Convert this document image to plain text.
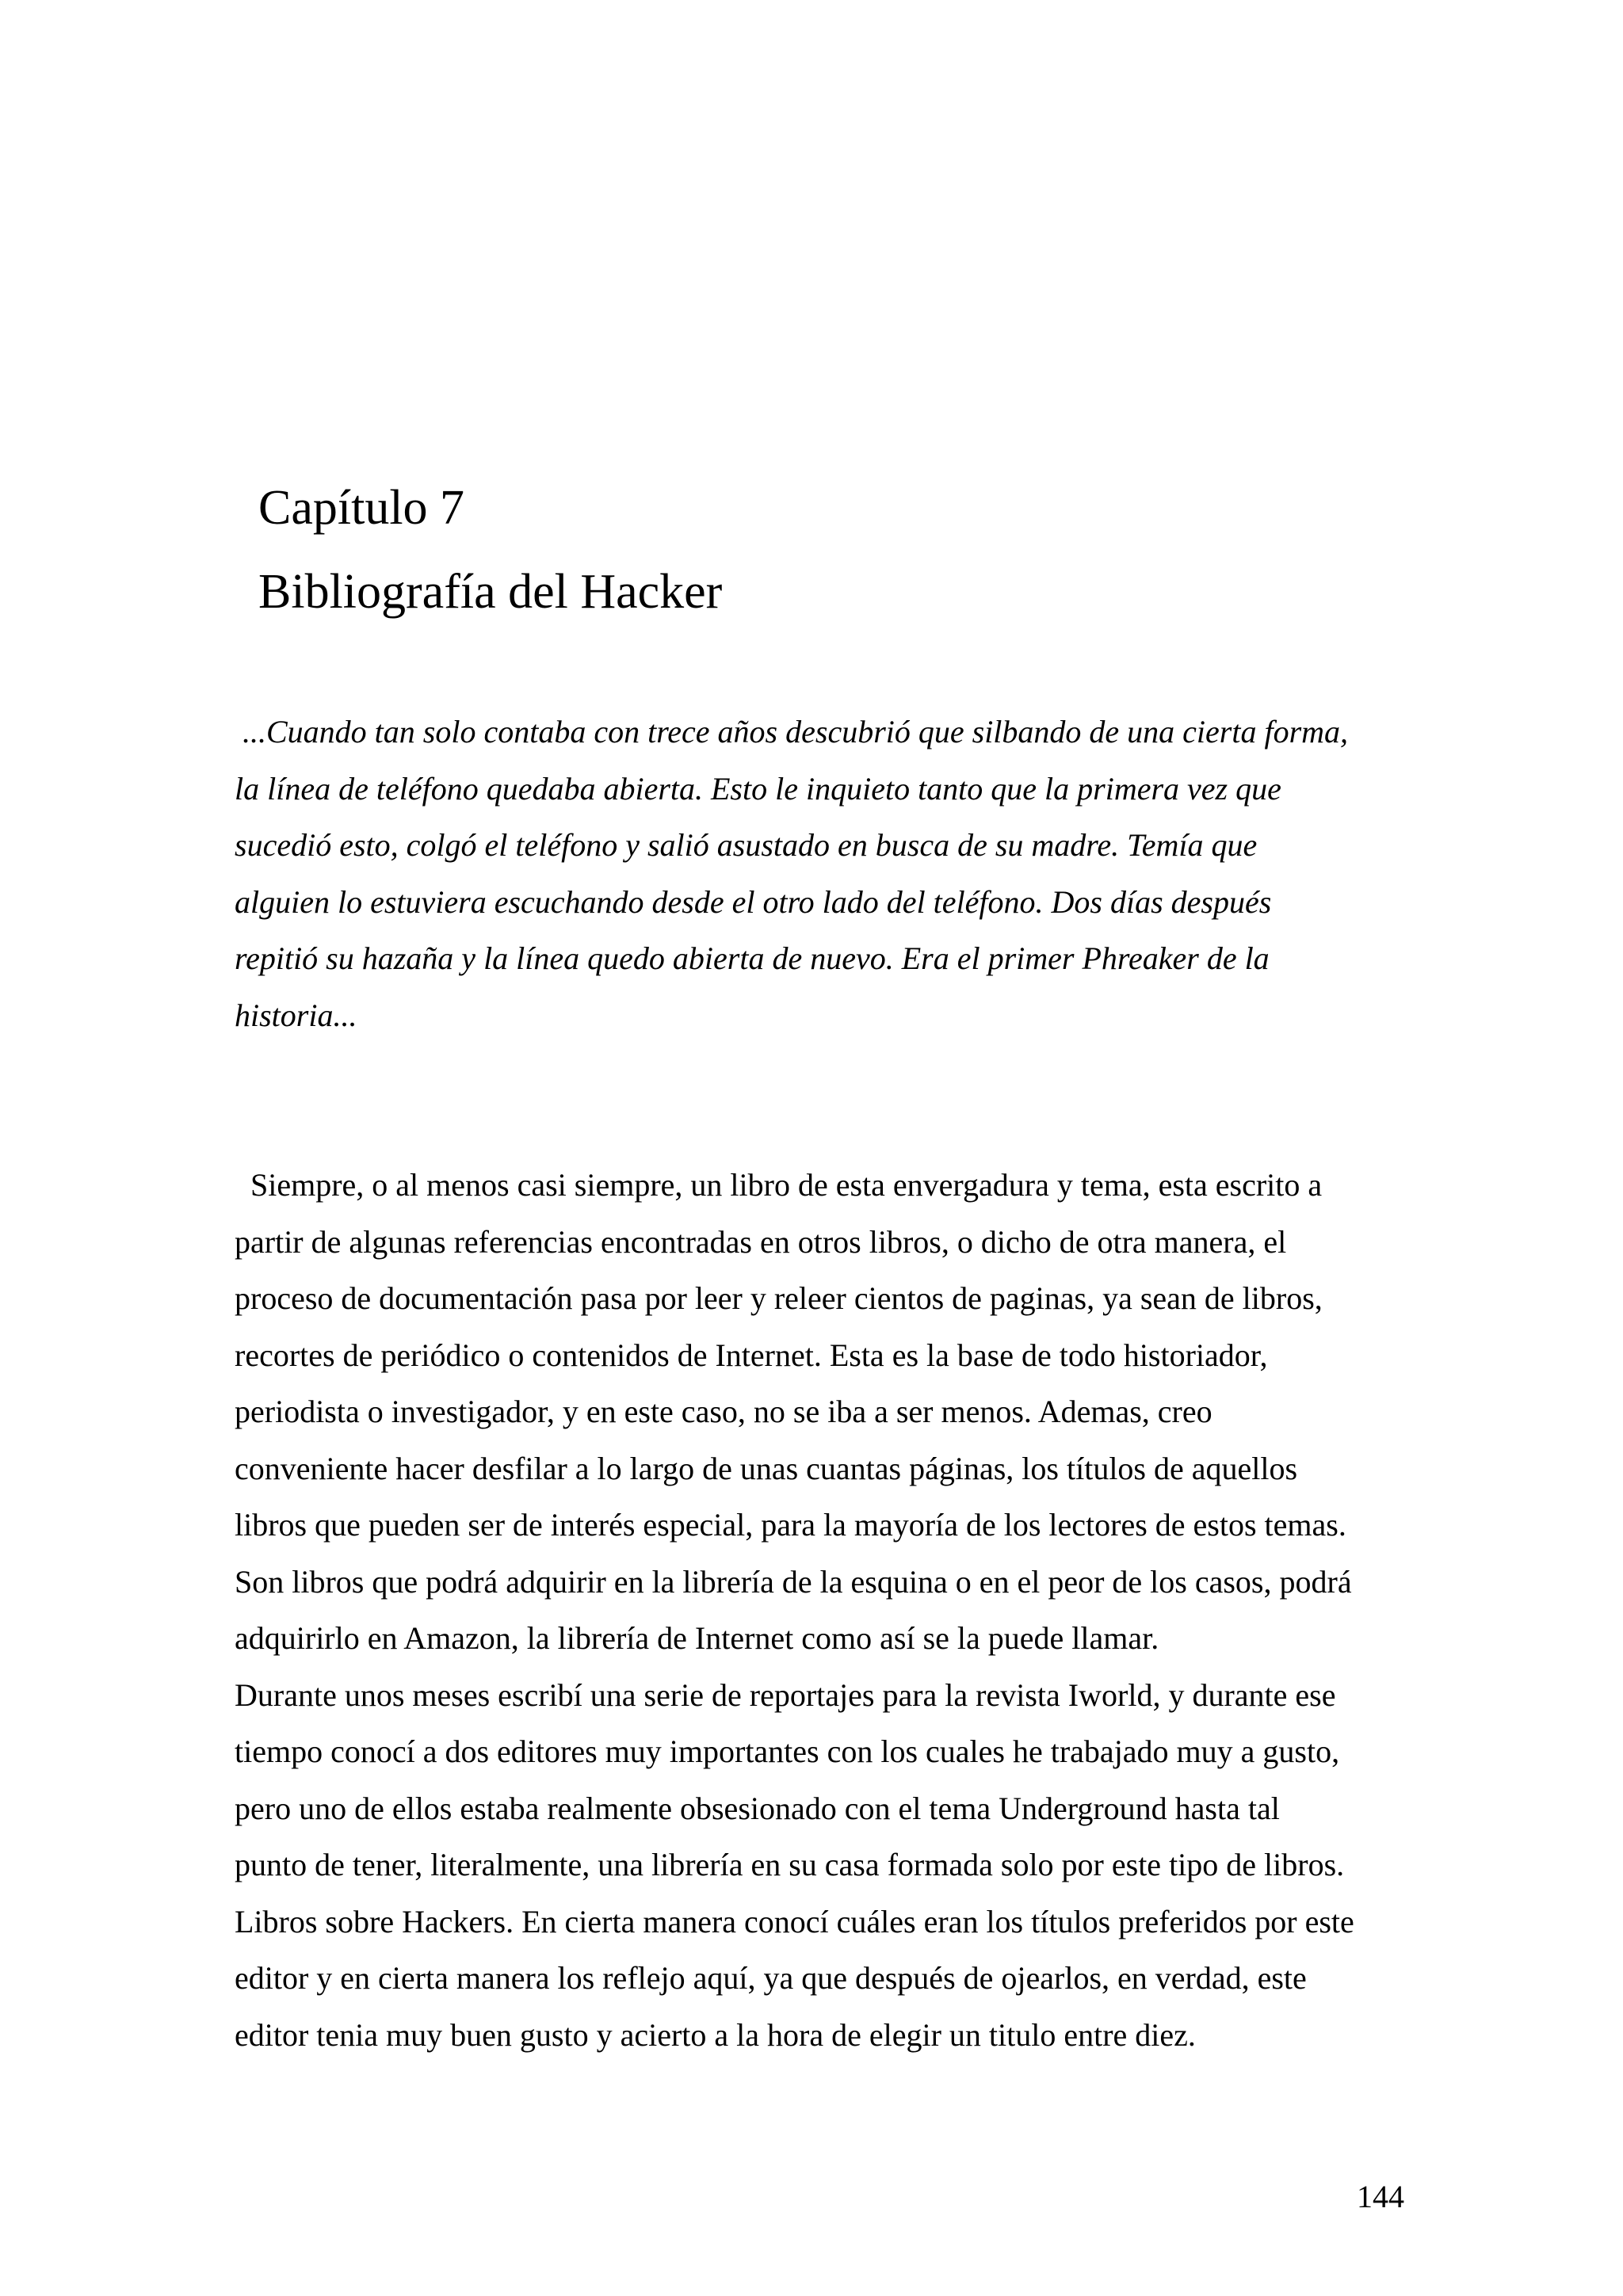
Capítulo 7
Bibliografía del Hacker
...Cuando tan solo contaba con trece años descubrió que silbando de una cierta forma,
la línea de teléfono quedaba abierta. Esto le inquieto tanto que la primera vez que
sucedió esto, colgó el teléfono y salió asustado en busca de su madre. Temía que
alguien lo estuviera escuchando desde el otro lado del teléfono. Dos días después
repitió su hazaña y la línea quedo abierta de nuevo. Era el primer Phreaker de la
historia...
Siempre, o al menos casi siempre, un libro de esta envergadura y tema, esta escrito a
partir de algunas referencias encontradas en otros libros, o dicho de otra manera, el
proceso de documentación pasa por leer y releer cientos de paginas, ya sean de libros,
recortes de periódico o contenidos de Internet. Esta es la base de todo historiador,
periodista o investigador, y en este caso, no se iba a ser menos. Ademas, creo
conveniente hacer desfilar a lo largo de unas cuantas páginas, los títulos de aquellos
libros que pueden ser de interés especial, para la mayoría de los lectores de estos temas.
Son libros que podrá adquirir en la librería de la esquina o en el peor de los casos, podrá
adquirirlo en Amazon, la librería de Internet como así se la puede llamar.
Durante unos meses escribí una serie de reportajes para la revista Iworld, y durante ese
tiempo conocí a dos editores muy importantes con los cuales he trabajado muy a gusto,
pero uno de ellos estaba realmente obsesionado con el tema Underground hasta tal
punto de tener, literalmente, una librería en su casa formada solo por este tipo de libros.
Libros sobre Hackers. En cierta manera conocí cuáles eran los títulos preferidos por este
editor y en cierta manera los reflejo aquí, ya que después de ojearlos, en verdad, este
editor tenia muy buen gusto y acierto a la hora de elegir un titulo entre diez.
144
